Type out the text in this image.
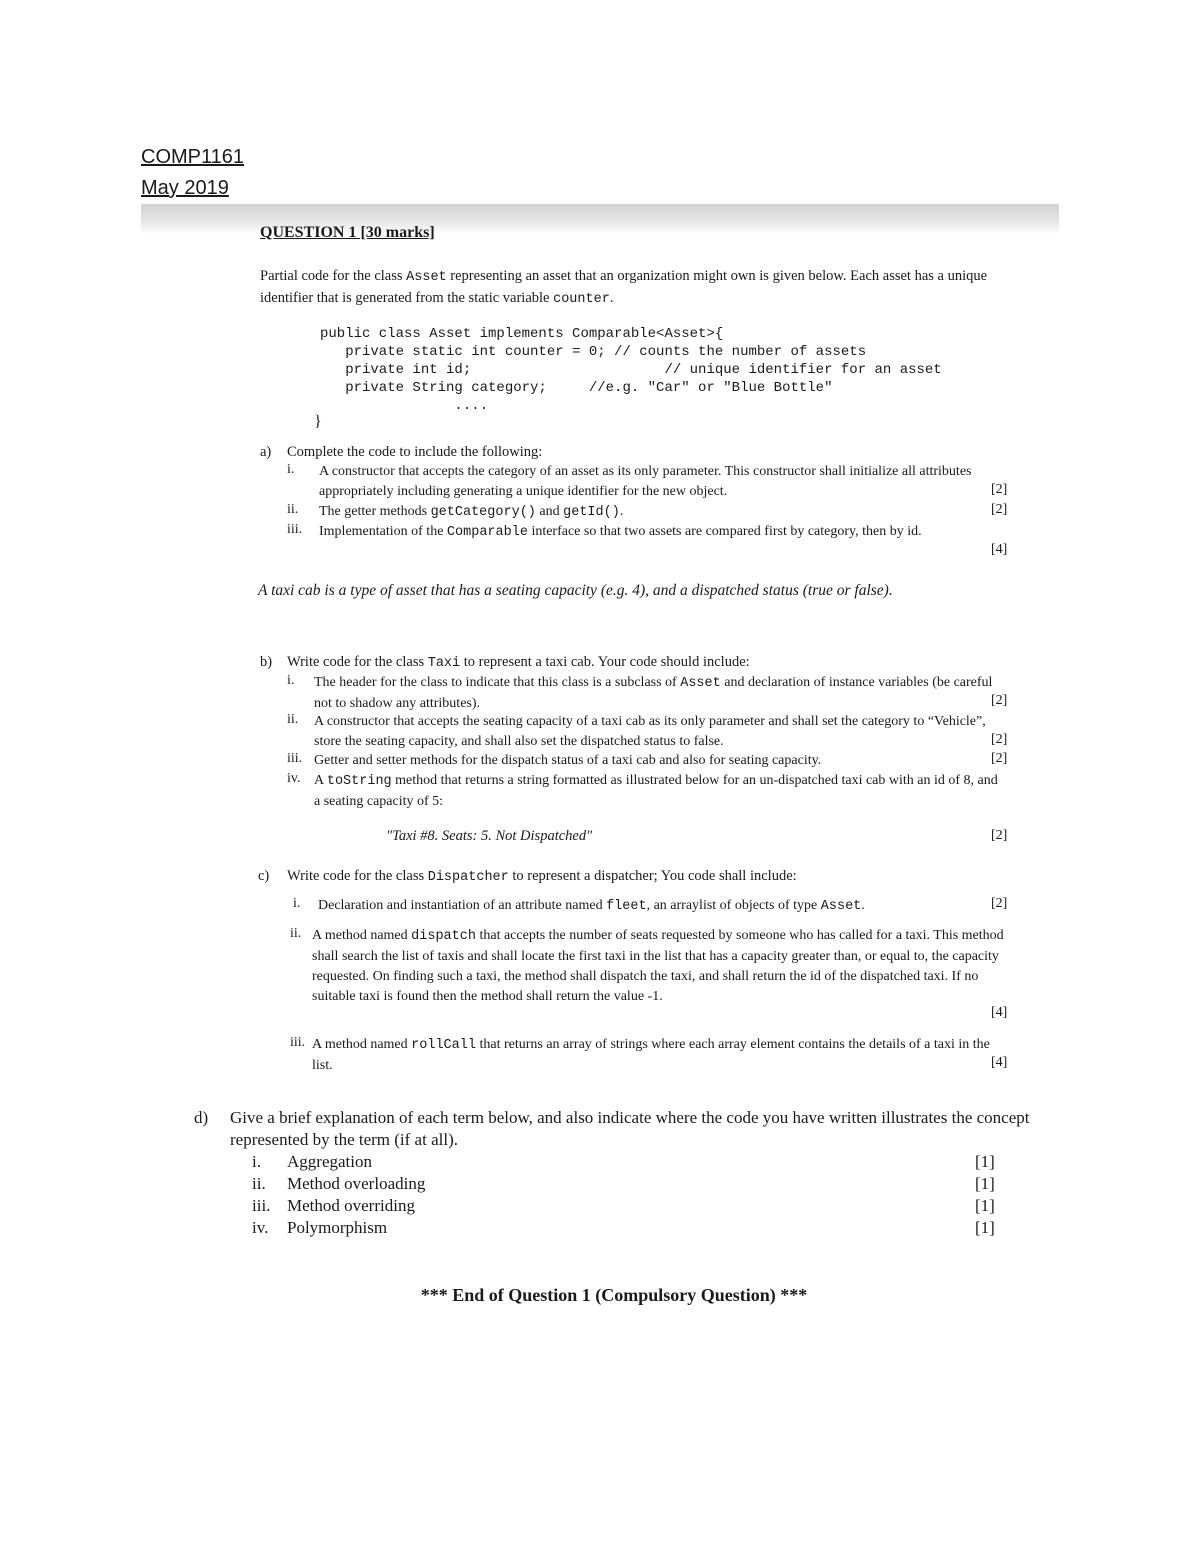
COMP1161
May 2019
QUESTION 1 [30 marks]
Partial code for the class Asset representing an asset that an organization might own is given below. Each asset has a unique identifier that is generated from the static variable counter.
public class Asset implements Comparable<Asset>{
private static int counter = 0; // counts the number of assets
private int id;                       // unique identifier for an asset
private String category;     //e.g. "Car" or "Blue Bottle"
....
}
a) Complete the code to include the following:
i. A constructor that accepts the category of an asset as its only parameter. This constructor shall initialize all attributes appropriately including generating a unique identifier for the new object.	[2]
ii. The getter methods getCategory() and getId().	[2]
iii. Implementation of the Comparable interface so that two assets are compared first by category, then by id.
[4]
A taxi cab is a type of asset that has a seating capacity (e.g. 4), and a dispatched status (true or false).
b) Write code for the class Taxi to represent a taxi cab. Your code should include:
i. The header for the class to indicate that this class is a subclass of Asset and declaration of instance variables (be careful not to shadow any attributes).	[2]
ii. A constructor that accepts the seating capacity of a taxi cab as its only parameter and shall set the category to “Vehicle”, store the seating capacity, and shall also set the dispatched status to false.	[2]
iii. Getter and setter methods for the dispatch status of a taxi cab and also for seating capacity.	[2]
iv. A toString method that returns a string formatted as illustrated below for an un-dispatched taxi cab with an id of 8, and a seating capacity of 5:
"Taxi #8. Seats: 5. Not Dispatched"	[2]
c) Write code for the class Dispatcher to represent a dispatcher; You code shall include:
i. Declaration and instantiation of an attribute named fleet, an arraylist of objects of type Asset.	[2]
ii. A method named dispatch that accepts the number of seats requested by someone who has called for a taxi. This method shall search the list of taxis and shall locate the first taxi in the list that has a capacity greater than, or equal to, the capacity requested. On finding such a taxi, the method shall dispatch the taxi, and shall return the id of the dispatched taxi. If no suitable taxi is found then the method shall return the value -1.
[4]
iii. A method named rollCall that returns an array of strings where each array element contains the details of a taxi in the list.	[4]
d) Give a brief explanation of each term below, and also indicate where the code you have written illustrates the concept represented by the term (if at all).
i. Aggregation	[1]
ii. Method overloading	[1]
iii. Method overriding	[1]
iv. Polymorphism	[1]
*** End of Question 1 (Compulsory Question) ***
